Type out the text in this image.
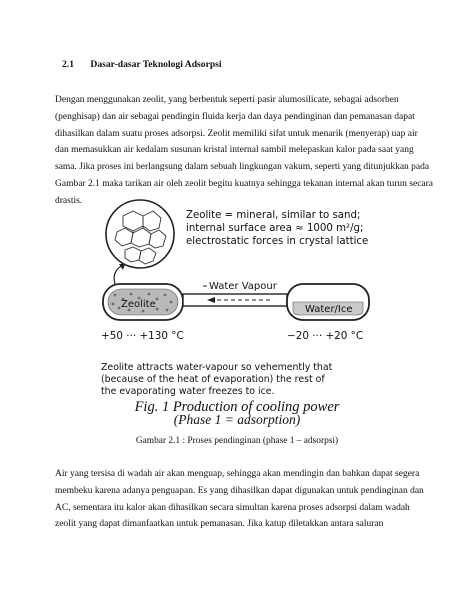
2.1 Dasar-dasar Teknologi Adsorpsi
Dengan menggunakan zeolit, yang berbentuk seperti pasir alumosilicate, sebagai adsorben
(penghisap) dan air sebagai pendingin fluida kerja dan daya pendinginan dan pemanasan dapat
dihasilkan dalam suatu proses adsorpsi. Zeolit memiliki sifat untuk menarik (menyerap) uap air
dan memasukkan air kedalam susunan kristal internal sambil melepaskan kalor pada saat yang
sama. Jika proses ini berlangsung dalam sebuah lingkungan vakum, seperti yang ditunjukkan pada
Gambar 2.1 maka tarikan air oleh zeolit begitu kuatnya sehingga tekanan internal akan turun secara
drastis.
Zeolite = mineral, similar to sand;
internal surface area ≈ 1000 m²/g;
electrostatic forces in crystal lattice
Zeolite
Water Vapour
Water/Ice
+50 ··· +130 °C	−20 ··· +20 °C
Zeolite attracts water-vapour so vehemently that
(because of the heat of evaporation) the rest of
the evaporating water freezes to ice.
Fig. 1 Production of cooling power
(Phase 1 = adsorption)
Gambar 2.1 : Proses pendinginan (phase 1 – adsorpsi)
Air yang tersisa di wadah air akan menguap, sehingga akan mendingin dan bahkan dapat segera
membeku karena adanya penguapan. Es yang dihasilkan dapat digunakan untuk pendinginan dan
AC, sementara itu kalor akan dihasilkan secara simultan karena proses adsorpsi dalam wadah
zeolit yang dapat dimanfaatkan untuk pemanasan. Jika katup diletakkan antara saluran
